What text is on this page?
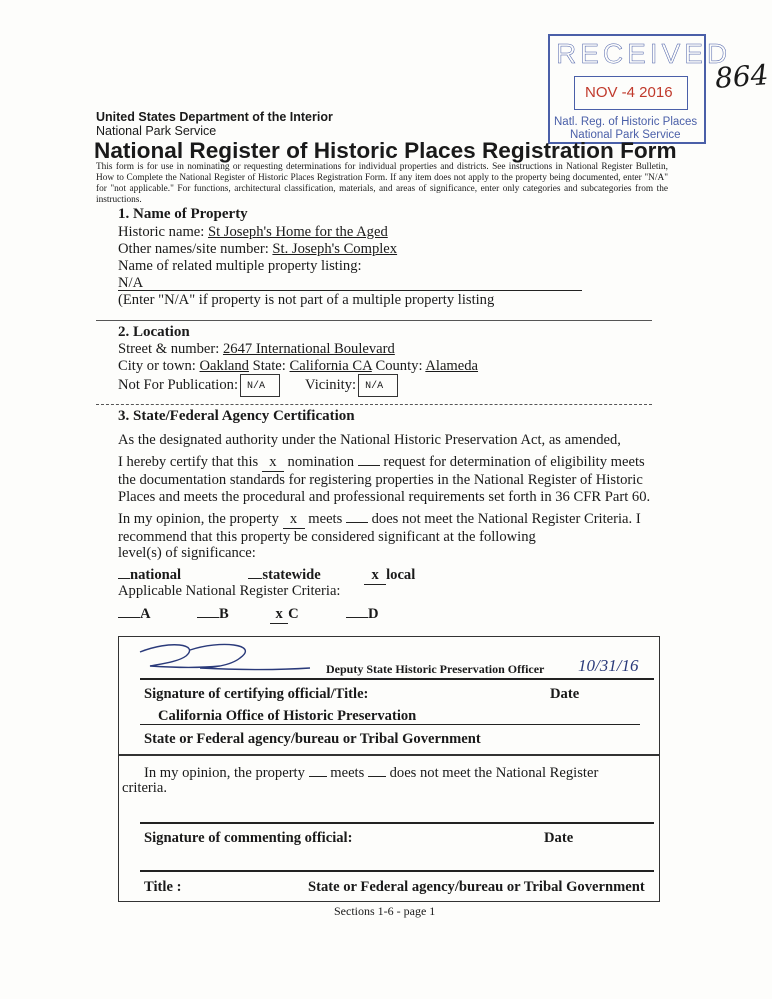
RECEIVED
NOV -4 2016
Natl. Reg. of Historic Places
National Park Service
864
United States Department of the Interior
National Park Service
National Register of Historic Places Registration Form
This form is for use in nominating or requesting determinations for individual properties and districts. See instructions in National Register Bulletin, How to Complete the National Register of Historic Places Registration Form. If any item does not apply to the property being documented, enter "N/A" for "not applicable." For functions, architectural classification, materials, and areas of significance, enter only categories and subcategories from the instructions.
1. Name of Property
Historic name: St Joseph's Home for the Aged
Other names/site number: St. Joseph's Complex
Name of related multiple property listing:
N/A
(Enter "N/A" if property is not part of a multiple property listing
2. Location
Street & number: 2647 International Boulevard
City or town: Oakland State: California CA County: Alameda
Not For Publication: N/A	Vicinity: N/A
3. State/Federal Agency Certification
As the designated authority under the National Historic Preservation Act, as amended,
I hereby certify that this x nomination request for determination of eligibility meets the documentation standards for registering properties in the National Register of Historic Places and meets the procedural and professional requirements set forth in 36 CFR Part 60.
In my opinion, the property x meets does not meet the National Register Criteria. I recommend that this property be considered significant at the following
level(s) of significance:
national	statewide	x local
Applicable National Register Criteria:
A	B	x C	D
Deputy State Historic Preservation Officer 10/31/16
Signature of certifying official/Title:	Date
California Office of Historic Preservation
State or Federal agency/bureau or Tribal Government
In my opinion, the property meets does not meet the National Register
criteria.
Signature of commenting official:	Date
Title :	State or Federal agency/bureau or Tribal Government
Sections 1-6 - page 1
